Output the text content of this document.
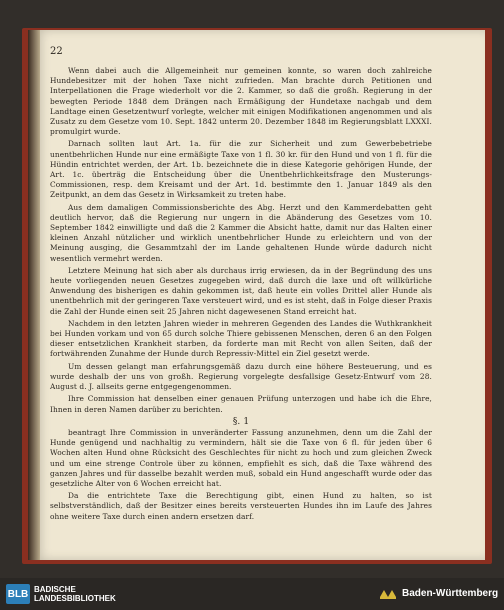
22

Wenn dabei auch die Allgemeinheit nur gemeinen konnte, so waren doch zahlreiche Hundebesitzer mit der hohen Taxe nicht zufrieden. Man brachte durch Petitionen und Interpellationen die Frage wiederholt vor die 2. Kammer, so daß die großh. Regierung in der bewegten Periode 1848 dem Drängen nach Ermäßigung der Hundetaxe nachgab und dem Landtage einen Gesetzentwurf vorlegte, welcher mit einigen Modifikationen angenommen und als Zusatz zu dem Gesetze vom 10. Sept. 1842 unterm 20. Dezember 1848 im Regierungsblatt LXXXI. promulgirt wurde.

Darnach sollten laut Art. 1a. für die zur Sicherheit und zum Gewerbebetriebe unentbehrlichen Hunde nur eine ermäßigte Taxe von 1 fl. 30 kr. für den Hund und von 1 fl. für die Hündin entrichtet werden, der Art. 1b. bezeichnete die in diese Kategorie gehörigen Hunde, der Art. 1c. überträg die Entscheidung über die Unentbehrlichkeitsfrage den Musterungs-Commissionen, resp. dem Kreisamt und der Art. 1d. bestimmte den 1. Januar 1849 als den Zeitpunkt, an dem das Gesetz in Wirksamkeit zu treten habe.

Aus dem damaligen Commissionsberichte des Abg. Herzt und den Kammerdebatten geht deutlich hervor, daß die Regierung nur ungern in die Abänderung des Gesetzes vom 10. September 1842 einwilligte und daß die 2 Kammer die Absicht hatte, damit nur das Halten einer kleinen Anzahl nützlicher und wirklich unentbehrlicher Hunde zu erleichtern und von der Meinung ausging, die Gesammtzahl der im Lande gehaltenen Hunde würde dadurch nicht wesentlich vermehrt werden.

Letztere Meinung hat sich aber als durchaus irrig erwiesen, da in der Begründung des uns heute vorliegenden neuen Gesetzes zugegeben wird, daß durch die laxe und oft willkürliche Anwendung des bisherigen es dahin gekommen ist, daß heute ein volles Drittel aller Hunde als unentbehrlich mit der geringeren Taxe versteuert wird, und es ist steht, daß in Folge dieser Praxis die Zahl der Hunde einen seit 25 Jahren nicht dagewesenen Stand erreicht hat.

Nachdem in den letzten Jahren wieder in mehreren Gegenden des Landes die Wuthkrankheit bei Hunden vorkam und von 65 durch solche Thiere gebissenen Menschen, deren 6 an den Folgen dieser entsetzlichen Krankheit starben, da forderte man mit Recht von allen Seiten, daß der fortwährenden Zunahme der Hunde durch Repressiv-Mittel ein Ziel gesetzt werde.

Um dessen gelangt man erfahrungsgemäß dazu durch eine höhere Besteuerung, und es wurde deshalb der uns von großh. Regierung vorgelegte desfallsige Gesetz-Entwurf vom 28. August d. J. allseits gerne entgegengenommen.

Ihre Commission hat denselben einer genauen Prüfung unterzogen und habe ich die Ehre, Ihnen in deren Namen darüber zu berichten.

§. 1

beantragt Ihre Commission in unveränderter Fassung anzunehmen, denn um die Zahl der Hunde genügend und nachhaltig zu vermindern, hält sie die Taxe von 6 fl. für jeden über 6 Wochen alten Hund ohne Rücksicht des Geschlechtes für nicht zu hoch und zum gleichen Zweck und um eine strenge Controle über zu können, empfiehlt es sich, daß die Taxe während des ganzen Jahres und für dasselbe bezahlt werden muß, sobald ein Hund angeschafft wurde oder das gesetzliche Alter von 6 Wochen erreicht hat.

Da die entrichtete Taxe die Berechtigung gibt, einen Hund zu halten, so ist selbstverständlich, daß der Besitzer eines bereits versteuerten Hundes ihn im Laufe des Jahres ohne weitere Taxe durch einen andern ersetzen darf.

BLB BADISCHE
LANDESBIBLIOTHEK	Baden-Württemberg
